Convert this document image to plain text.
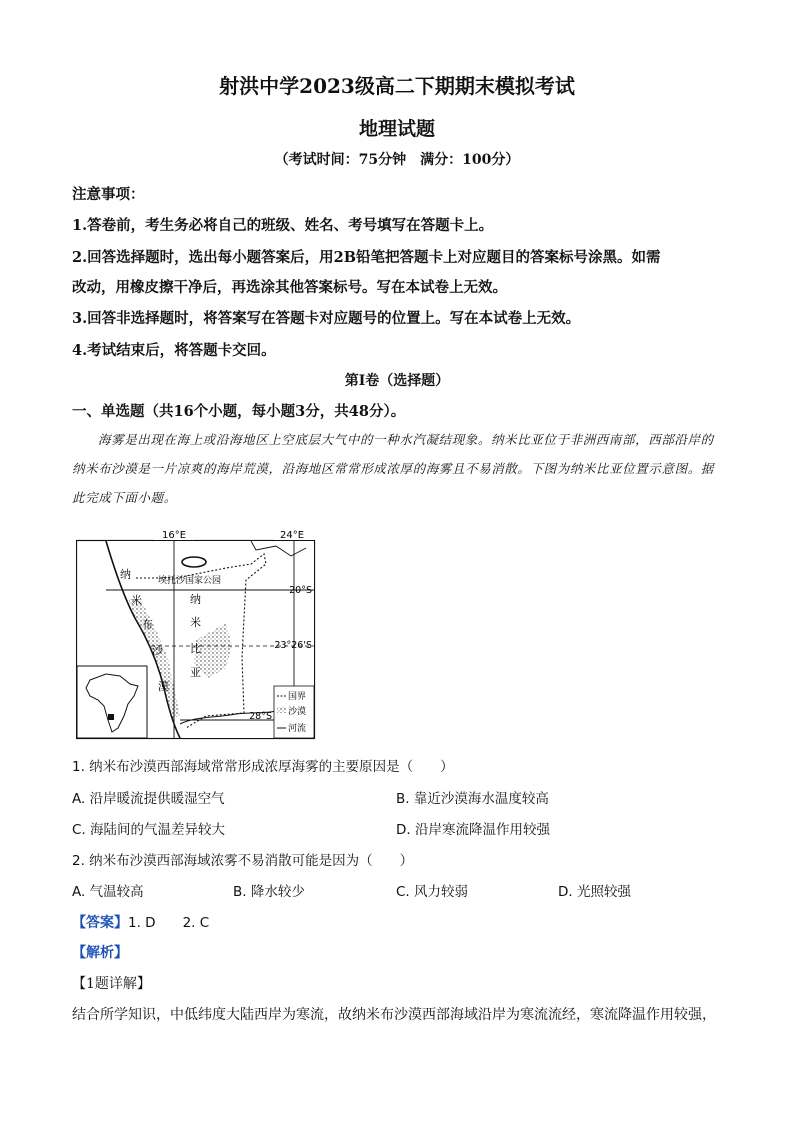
射洪中学2023级高二下期期末模拟考试
地理试题
（考试时间：75分钟　满分：100分）
注意事项：
1.答卷前，考生务必将自己的班级、姓名、考号填写在答题卡上。
2.回答选择题时，选出每小题答案后，用2B铅笔把答题卡上对应题目的答案标号涂黑。如需
改动，用橡皮擦干净后，再选涂其他答案标号。写在本试卷上无效。
3.回答非选择题时，将答案写在答题卡对应题号的位置上。写在本试卷上无效。
4.考试结束后，将答题卡交回。
第Ⅰ卷（选择题）
一、单选题（共16个小题，每小题3分，共48分）。
海雾是出现在海上或沿海地区上空底层大气中的一种水汽凝结现象。纳米比亚位于非洲西南部，西部沿岸的纳米布沙漠是一片凉爽的海岸荒漠，沿海地区常常形成浓厚的海雾且不易消散。下图为纳米比亚位置示意图。据此完成下面小题。
16°E	24°E
20°S
23°26'S
28°S
埃托沙国家公园
纳
米
布
沙
漠
纳
米
比
亚
国界
沙漠
河流
1. 纳米布沙漠西部海域常常形成浓厚海雾的主要原因是（　　）
A. 沿岸暖流提供暖湿空气	B. 靠近沙漠海水温度较高
C. 海陆间的气温差异较大	D. 沿岸寒流降温作用较强
2. 纳米布沙漠西部海域浓雾不易消散可能是因为（　　）
A. 气温较高	B. 降水较少	C. 风力较弱	D. 光照较强
【答案】1. D　　2. C
【解析】
【1题详解】
结合所学知识，中低纬度大陆西岸为寒流，故纳米布沙漠西部海域沿岸为寒流流经，寒流降温作用较强，
